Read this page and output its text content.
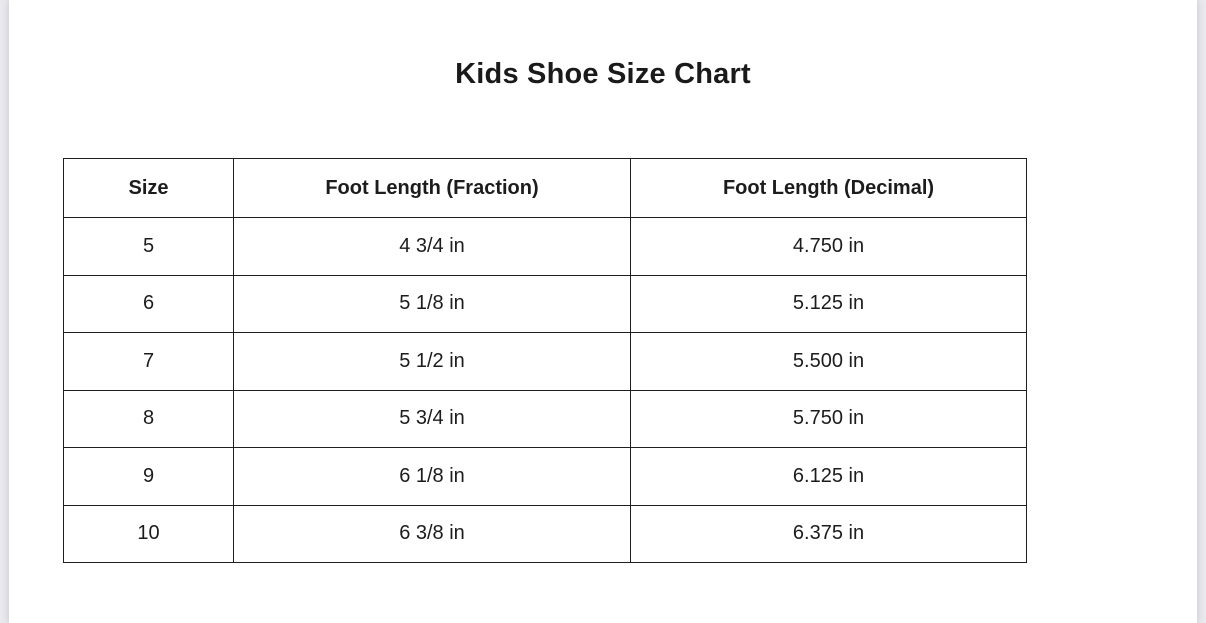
Kids Shoe Size Chart
Size	Foot Length (Fraction)	Foot Length (Decimal)
5	4 3/4 in	4.750 in
6	5 1/8 in	5.125 in
7	5 1/2 in	5.500 in
8	5 3/4 in	5.750 in
9	6 1/8 in	6.125 in
10	6 3/8 in	6.375 in
